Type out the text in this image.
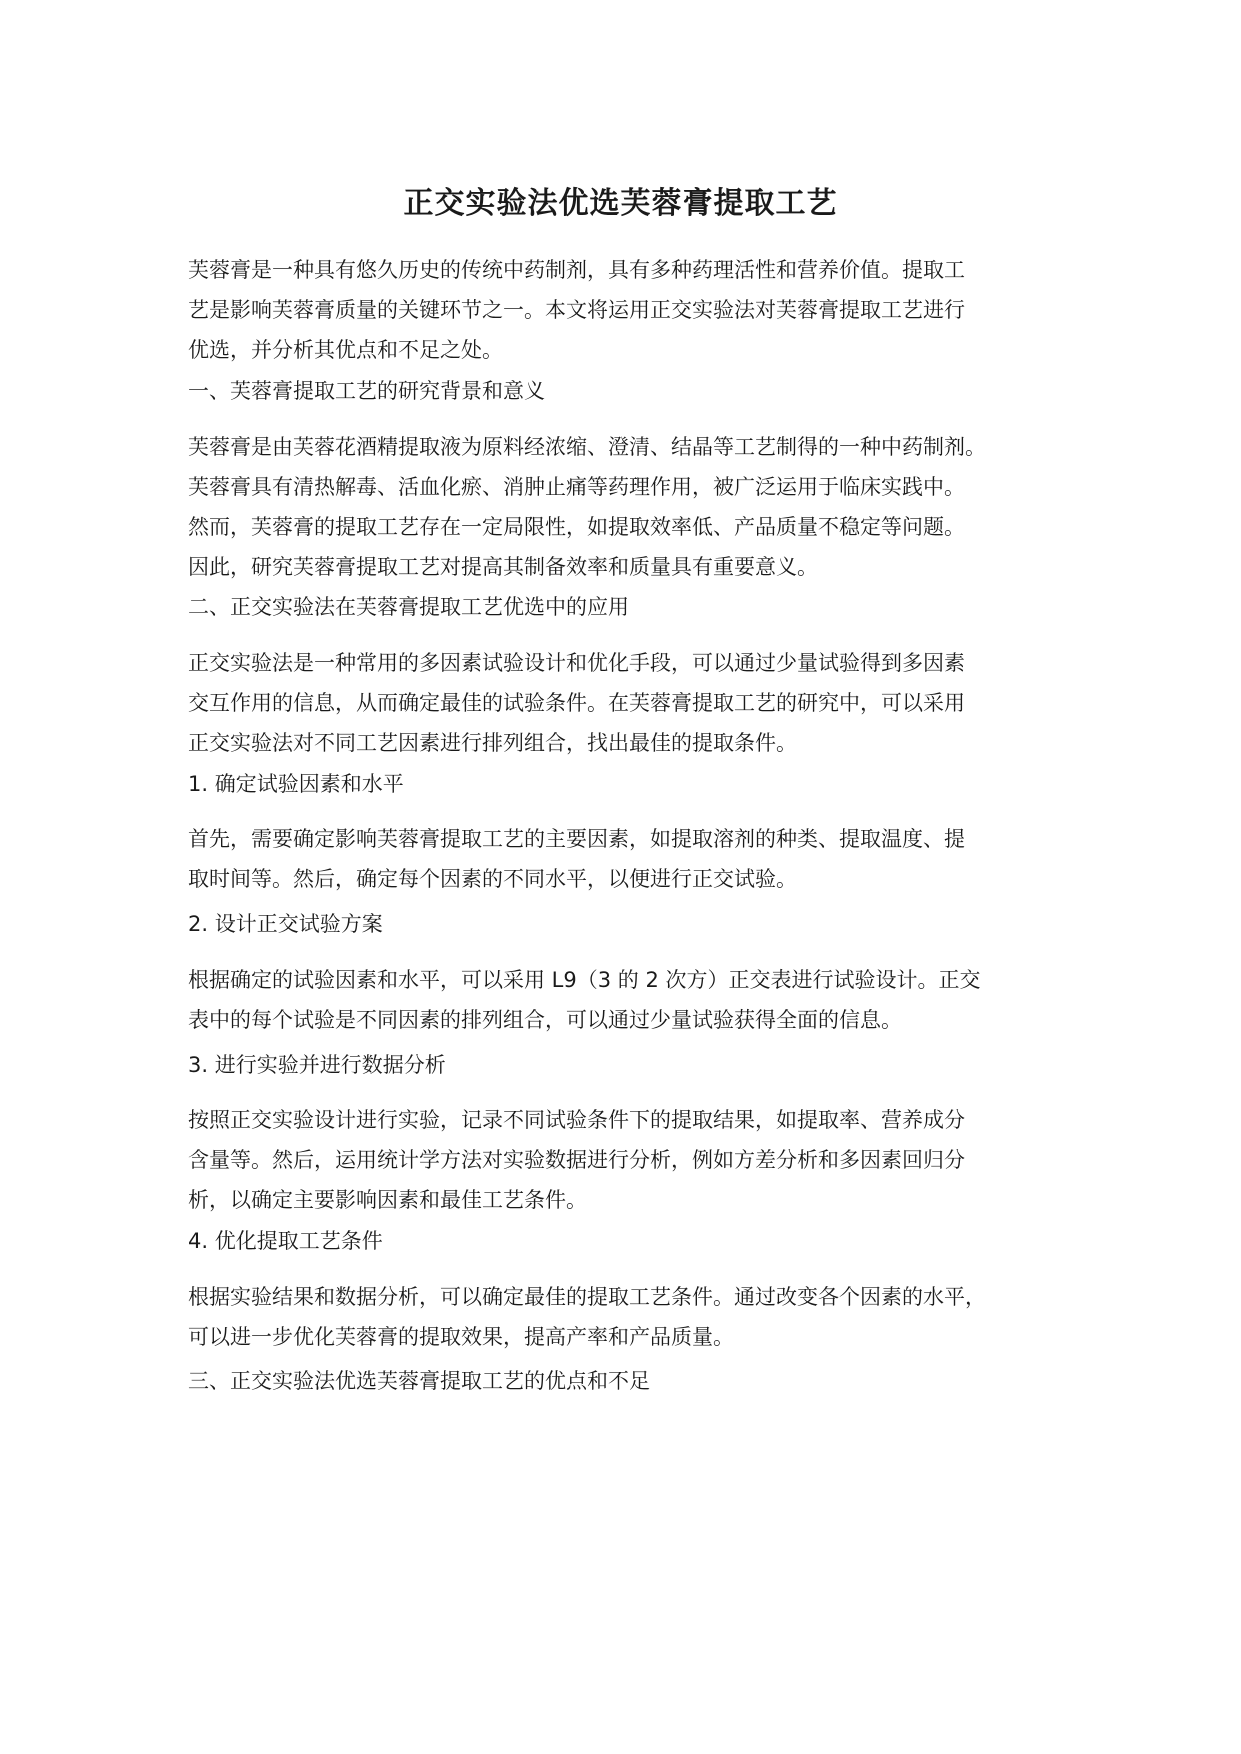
正交实验法优选芙蓉膏提取工艺
芙蓉膏是一种具有悠久历史的传统中药制剂，具有多种药理活性和营养价值。提取工
艺是影响芙蓉膏质量的关键环节之一。本文将运用正交实验法对芙蓉膏提取工艺进行
优选，并分析其优点和不足之处。
一、芙蓉膏提取工艺的研究背景和意义
芙蓉膏是由芙蓉花酒精提取液为原料经浓缩、澄清、结晶等工艺制得的一种中药制剂。
芙蓉膏具有清热解毒、活血化瘀、消肿止痛等药理作用，被广泛运用于临床实践中。
然而，芙蓉膏的提取工艺存在一定局限性，如提取效率低、产品质量不稳定等问题。
因此，研究芙蓉膏提取工艺对提高其制备效率和质量具有重要意义。
二、正交实验法在芙蓉膏提取工艺优选中的应用
正交实验法是一种常用的多因素试验设计和优化手段，可以通过少量试验得到多因素
交互作用的信息，从而确定最佳的试验条件。在芙蓉膏提取工艺的研究中，可以采用
正交实验法对不同工艺因素进行排列组合，找出最佳的提取条件。
1. 确定试验因素和水平
首先，需要确定影响芙蓉膏提取工艺的主要因素，如提取溶剂的种类、提取温度、提
取时间等。然后，确定每个因素的不同水平，以便进行正交试验。
2. 设计正交试验方案
根据确定的试验因素和水平，可以采用 L9（3 的 2 次方）正交表进行试验设计。正交
表中的每个试验是不同因素的排列组合，可以通过少量试验获得全面的信息。
3. 进行实验并进行数据分析
按照正交实验设计进行实验，记录不同试验条件下的提取结果，如提取率、营养成分
含量等。然后，运用统计学方法对实验数据进行分析，例如方差分析和多因素回归分
析，以确定主要影响因素和最佳工艺条件。
4. 优化提取工艺条件
根据实验结果和数据分析，可以确定最佳的提取工艺条件。通过改变各个因素的水平，
可以进一步优化芙蓉膏的提取效果，提高产率和产品质量。
三、正交实验法优选芙蓉膏提取工艺的优点和不足
